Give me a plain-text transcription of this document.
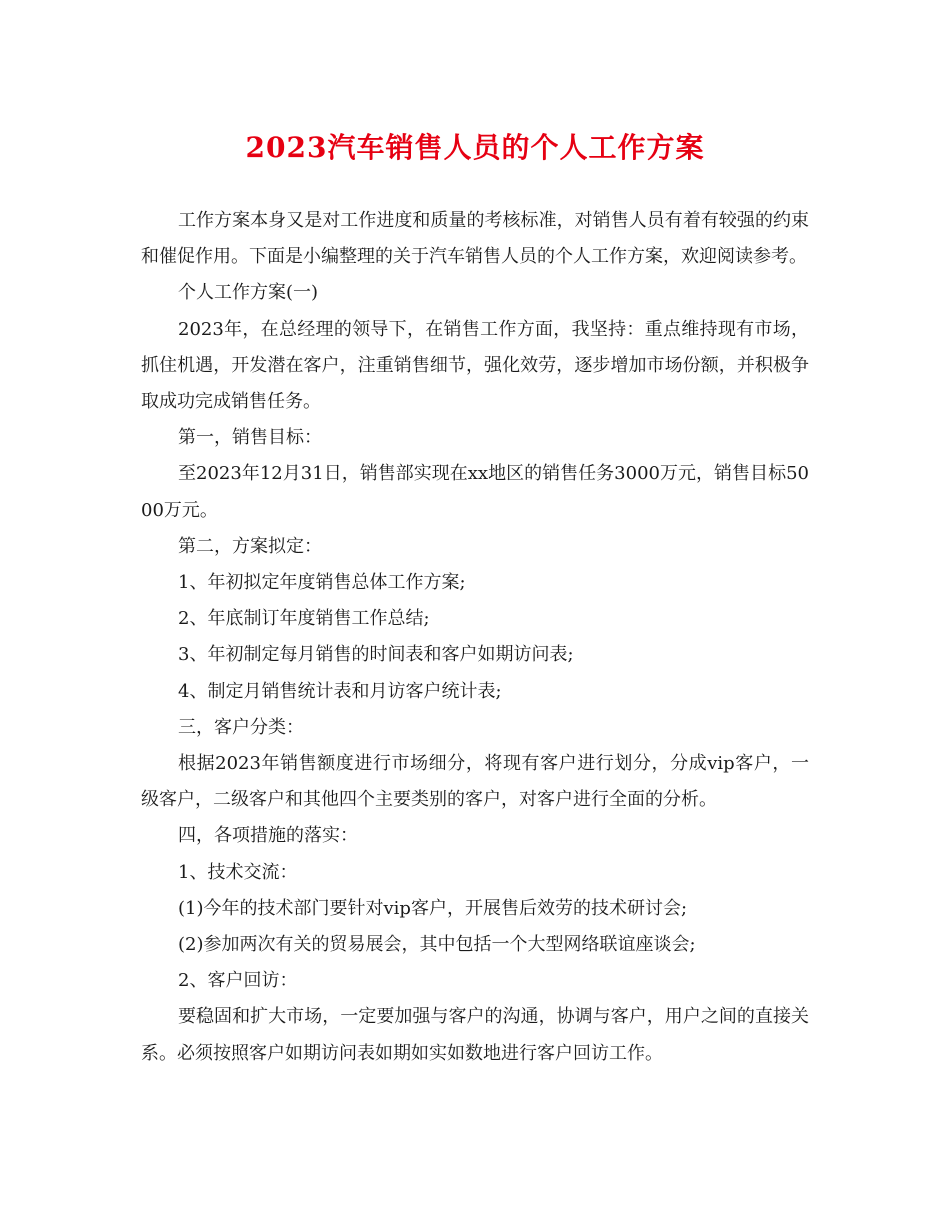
2023汽车销售人员的个人工作方案

工作方案本身又是对工作进度和质量的考核标准，对销售人员有着有较强的约束和催促作用。下面是小编整理的关于汽车销售人员的个人工作方案，欢迎阅读参考。

个人工作方案(一)

2023年，在总经理的领导下，在销售工作方面，我坚持：重点维持现有市场，抓住机遇，开发潜在客户，注重销售细节，强化效劳，逐步增加市场份额，并积极争取成功完成销售任务。

第一，销售目标：

至2023年12月31日，销售部实现在xx地区的销售任务3000万元，销售目标5000万元。

第二，方案拟定：

1、年初拟定年度销售总体工作方案;

2、年底制订年度销售工作总结;

3、年初制定每月销售的时间表和客户如期访问表;

4、制定月销售统计表和月访客户统计表;

三，客户分类：

根据2023年销售额度进行市场细分，将现有客户进行划分，分成vip客户，一级客户，二级客户和其他四个主要类别的客户，对客户进行全面的分析。

四，各项措施的落实：

1、技术交流：

(1)今年的技术部门要针对vip客户，开展售后效劳的技术研讨会;

(2)参加两次有关的贸易展会，其中包括一个大型网络联谊座谈会;

2、客户回访：

要稳固和扩大市场，一定要加强与客户的沟通，协调与客户，用户之间的直接关系。必须按照客户如期访问表如期如实如数地进行客户回访工作。
